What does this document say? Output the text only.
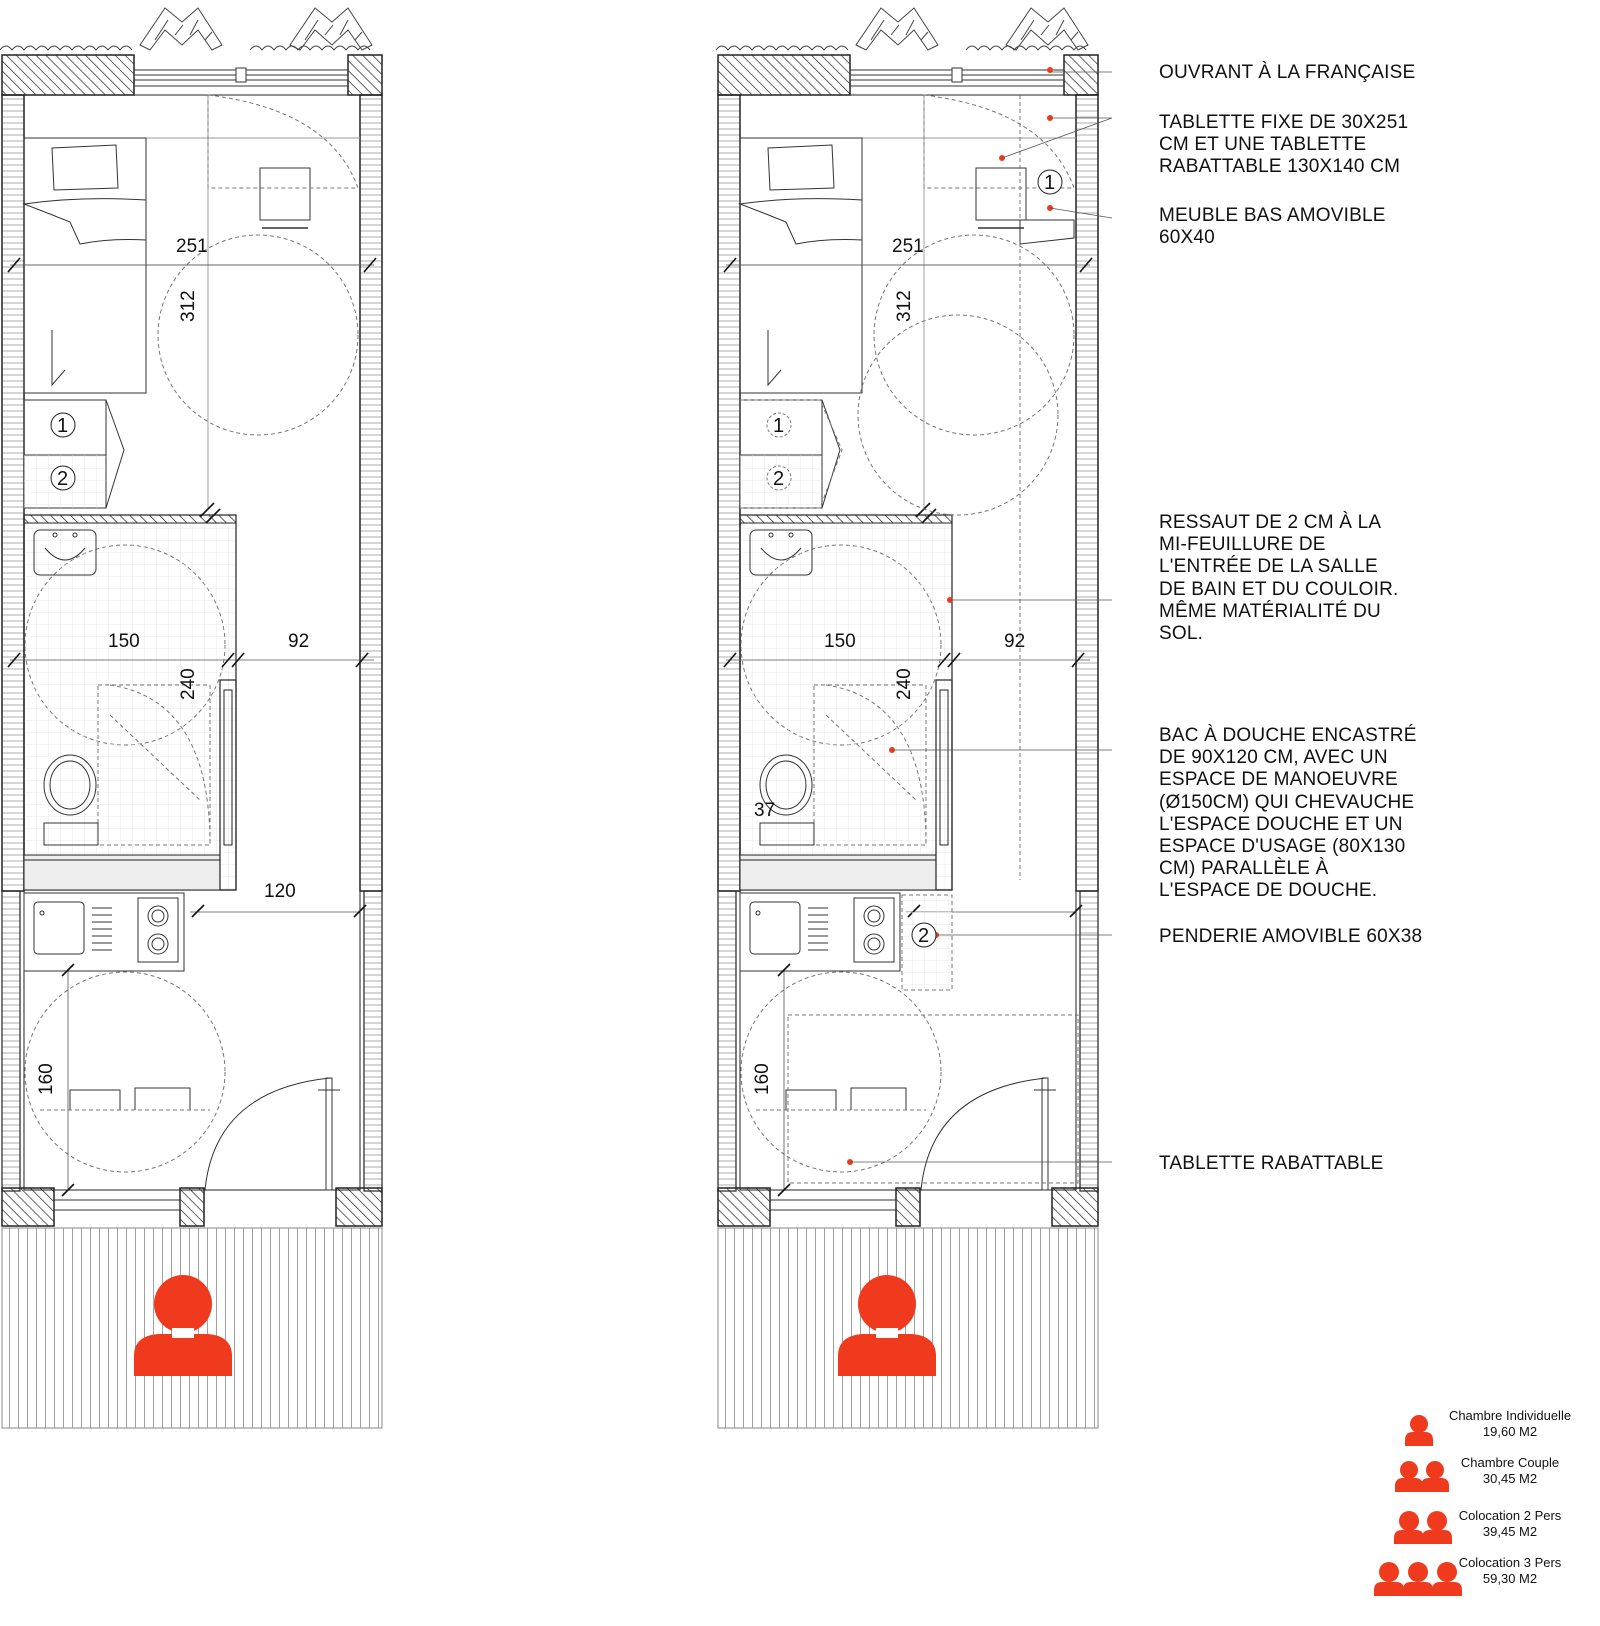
251
312
150	92
240
120
160
1
2
251
312
150	92
240
37
160
1
1
2
2
OUVRANT À LA FRANÇAISE
TABLETTE FIXE DE 30X251
CM ET UNE TABLETTE
RABATTABLE 130X140 CM
MEUBLE BAS AMOVIBLE
60X40
RESSAUT DE 2 CM À LA
MI-FEUILLURE DE
L'ENTRÉE DE LA SALLE
DE BAIN ET DU COULOIR.
MÊME MATÉRIALITÉ DU
SOL.
BAC À DOUCHE ENCASTRÉ
DE 90X120 CM, AVEC UN
ESPACE DE MANOEUVRE
(Ø150CM) QUI CHEVAUCHE
L'ESPACE DOUCHE ET UN
ESPACE D'USAGE (80X130
CM) PARALLÈLE À
L'ESPACE DE DOUCHE.
PENDERIE AMOVIBLE 60X38
TABLETTE RABATTABLE
Chambre Individuelle
19,60 M2
Chambre Couple
30,45 M2
Colocation 2 Pers
39,45 M2
Colocation 3 Pers
59,30 M2
